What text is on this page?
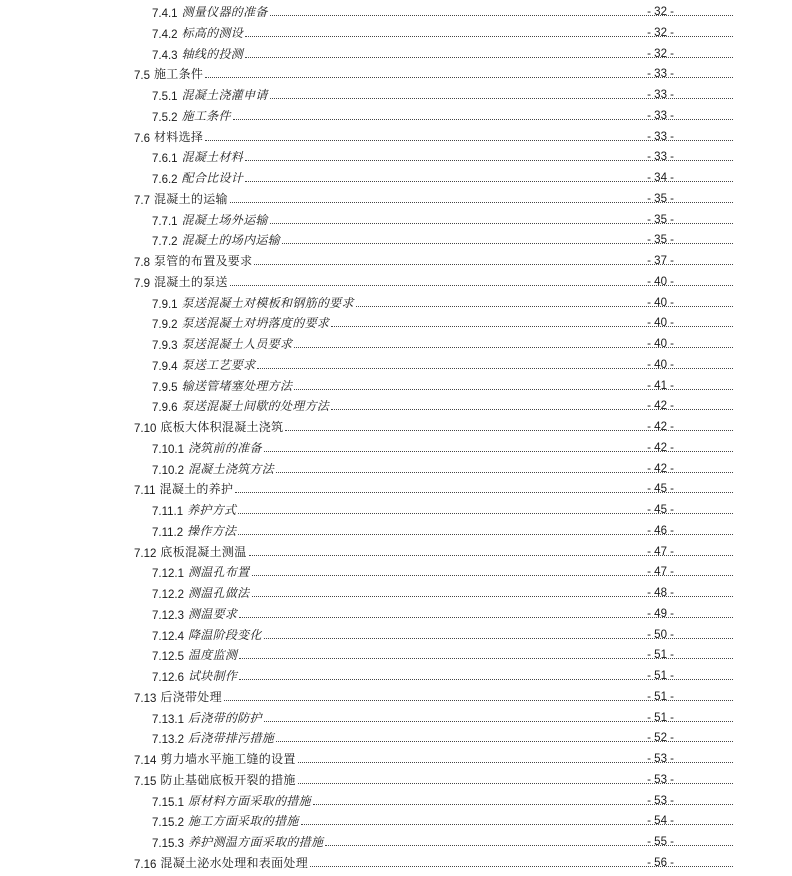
7.4.1 测量仪器的准备	- 32 -
7.4.2 标高的测设	- 32 -
7.4.3 轴线的投测	- 32 -
7.5 施工条件	- 33 -
7.5.1 混凝土浇灌申请	- 33 -
7.5.2 施工条件	- 33 -
7.6 材料选择	- 33 -
7.6.1 混凝土材料	- 33 -
7.6.2 配合比设计	- 34 -
7.7 混凝土的运输	- 35 -
7.7.1 混凝土场外运输	- 35 -
7.7.2 混凝土的场内运输	- 35 -
7.8 泵管的布置及要求	- 37 -
7.9 混凝土的泵送	- 40 -
7.9.1 泵送混凝土对模板和钢筋的要求	- 40 -
7.9.2 泵送混凝土对坍落度的要求	- 40 -
7.9.3 泵送混凝土人员要求	- 40 -
7.9.4 泵送工艺要求	- 40 -
7.9.5 输送管堵塞处理方法	- 41 -
7.9.6 泵送混凝土间歇的处理方法	- 42 -
7.10 底板大体积混凝土浇筑	- 42 -
7.10.1 浇筑前的准备	- 42 -
7.10.2 混凝土浇筑方法	- 42 -
7.11 混凝土的养护	- 45 -
7.11.1 养护方式	- 45 -
7.11.2 操作方法	- 46 -
7.12 底板混凝土测温	- 47 -
7.12.1 测温孔布置	- 47 -
7.12.2 测温孔做法	- 48 -
7.12.3 测温要求	- 49 -
7.12.4 降温阶段变化	- 50 -
7.12.5 温度监测	- 51 -
7.12.6 试块制作	- 51 -
7.13 后浇带处理	- 51 -
7.13.1 后浇带的防护	- 51 -
7.13.2 后浇带排污措施	- 52 -
7.14 剪力墙水平施工缝的设置	- 53 -
7.15 防止基础底板开裂的措施	- 53 -
7.15.1 原材料方面采取的措施	- 53 -
7.15.2 施工方面采取的措施	- 54 -
7.15.3 养护测温方面采取的措施	- 55 -
7.16 混凝土泌水处理和表面处理	- 56 -
